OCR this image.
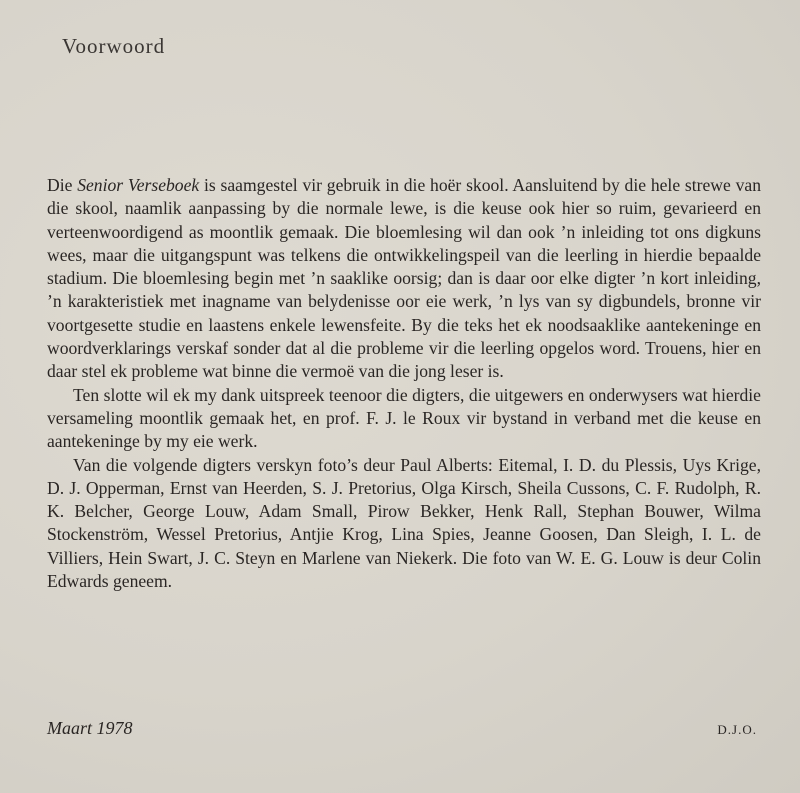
Voorwoord

Die Senior Verseboek is saamgestel vir gebruik in die hoër skool. Aansluitend by die hele strewe van die skool, naamlik aanpassing by die normale lewe, is die keuse ook hier so ruim, gevarieerd en verteenwoordigend as moontlik gemaak. Die bloemlesing wil dan ook ’n inleiding tot ons digkuns wees, maar die uitgangspunt was telkens die ontwikkelingspeil van die leerling in hierdie bepaalde stadium. Die bloemlesing begin met ’n saaklike oorsig; dan is daar oor elke digter ’n kort inleiding, ’n karakteristiek met inagname van belydenisse oor eie werk, ’n lys van sy digbundels, bronne vir voortgesette studie en laastens enkele lewensfeite. By die teks het ek noodsaaklike aantekeninge en woordverklarings verskaf sonder dat al die probleme vir die leerling opgelos word. Trouens, hier en daar stel ek probleme wat binne die vermoë van die jong leser is.

Ten slotte wil ek my dank uitspreek teenoor die digters, die uitgewers en onderwysers wat hierdie versameling moontlik gemaak het, en prof. F. J. le Roux vir bystand in verband met die keuse en aantekeninge by my eie werk.

Van die volgende digters verskyn foto’s deur Paul Alberts: Eitemal, I. D. du Plessis, Uys Krige, D. J. Opperman, Ernst van Heerden, S. J. Pretorius, Olga Kirsch, Sheila Cussons, C. F. Rudolph, R. K. Belcher, George Louw, Adam Small, Pirow Bekker, Henk Rall, Stephan Bouwer, Wilma Stockenström, Wessel Pretorius, Antjie Krog, Lina Spies, Jeanne Goosen, Dan Sleigh, I. L. de Villiers, Hein Swart, J. C. Steyn en Marlene van Niekerk. Die foto van W. E. G. Louw is deur Colin Edwards geneem.

Maart 1978	D.J.O.
